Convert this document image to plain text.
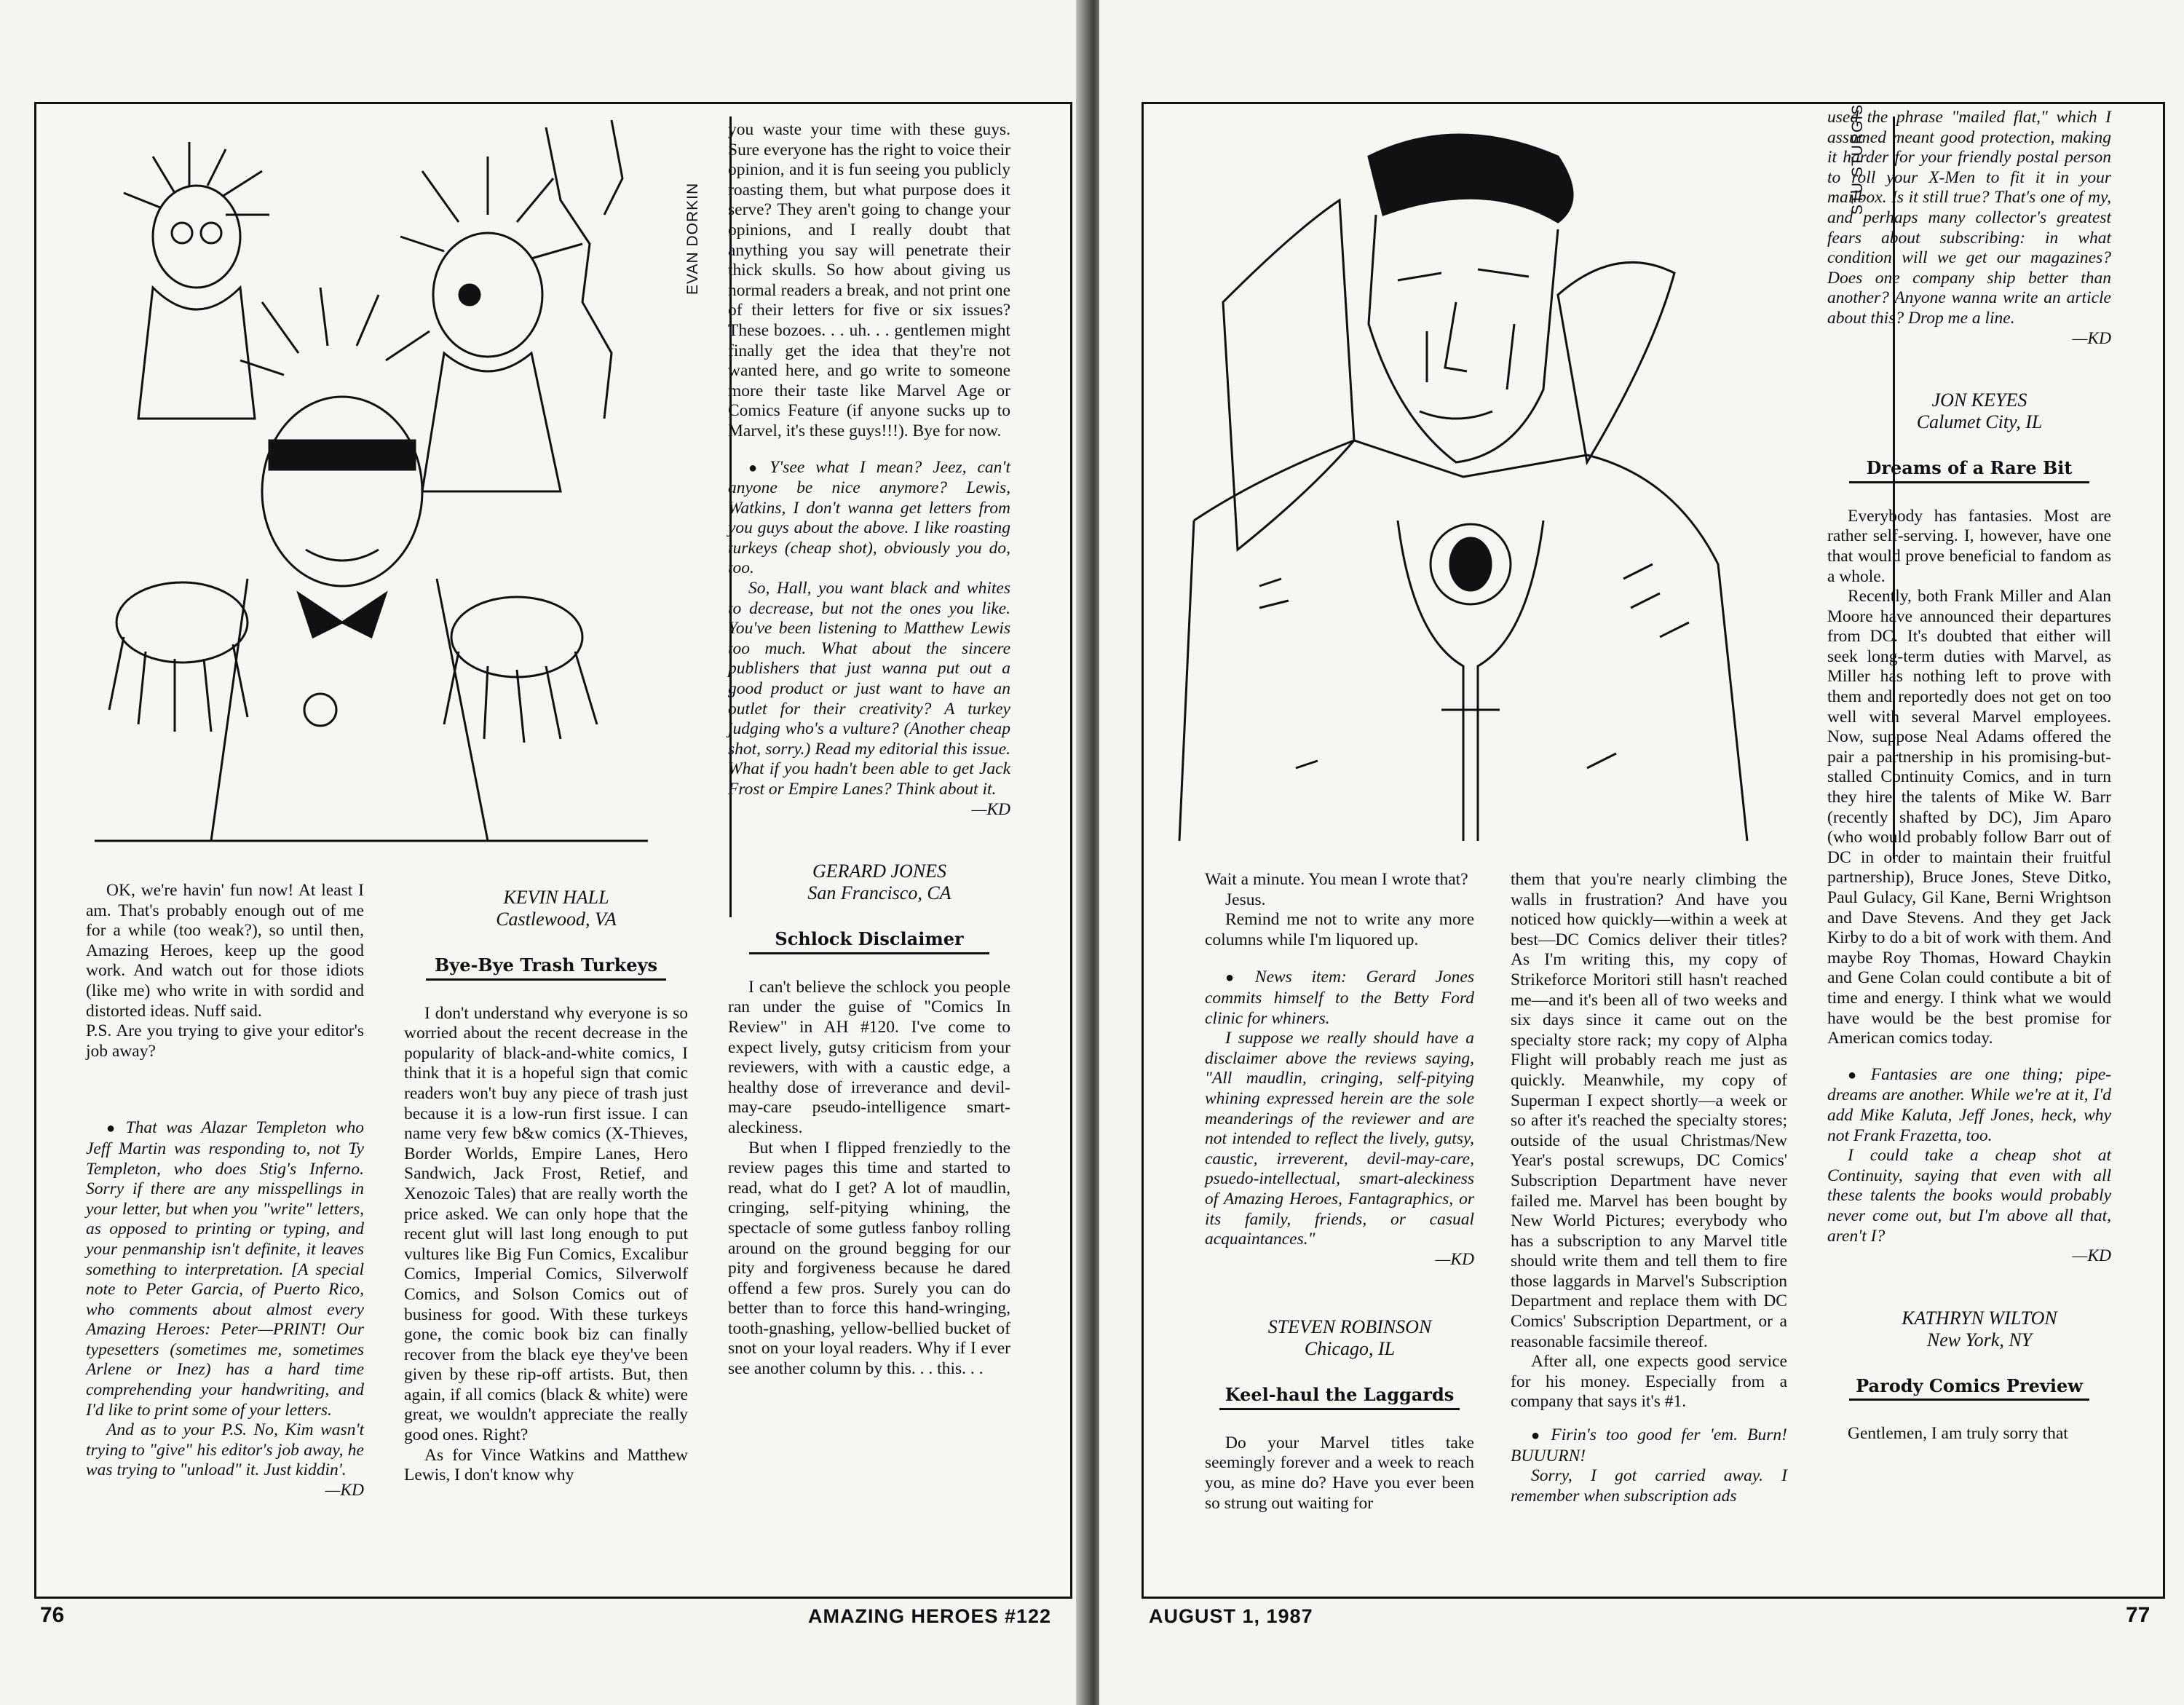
EVAN DORKIN

OK, we're havin' fun now! At least I am. That's probably enough out of me for a while (too weak?), so until then, Amazing Heroes, keep up the good work. And watch out for those idiots (like me) who write in with sordid and distorted ideas. Nuff said.

P.S. Are you trying to give your editor's job away?

● That was Alazar Templeton who Jeff Martin was responding to, not Ty Templeton, who does Stig's Inferno. Sorry if there are any misspellings in your letter, but when you "write" letters, as opposed to printing or typing, and your penmanship isn't definite, it leaves something to interpretation. [A special note to Peter Garcia, of Puerto Rico, who comments about almost every Amazing Heroes: Peter—PRINT! Our typesetters (sometimes me, sometimes Arlene or Inez) has a hard time comprehending your handwriting, and I'd like to print some of your letters.

And as to your P.S. No, Kim wasn't trying to "give" his editor's job away, he was trying to "unload" it. Just kiddin'.

—KD

KEVIN HALL

Castlewood, VA

Bye-Bye Trash Turkeys

I don't understand why everyone is so worried about the recent decrease in the popularity of black-and-white comics, I think that it is a hopeful sign that comic readers won't buy any piece of trash just because it is a low-run first issue. I can name very few b&w comics (X-Thieves, Border Worlds, Empire Lanes, Hero Sandwich, Jack Frost, Retief, and Xenozoic Tales) that are really worth the price asked. We can only hope that the recent glut will last long enough to put vultures like Big Fun Comics, Excalibur Comics, Imperial Comics, Silverwolf Comics, and Solson Comics out of business for good. With these turkeys gone, the comic book biz can finally recover from the black eye they've been given by these rip-off artists. But, then again, if all comics (black & white) were great, we wouldn't appreciate the really good ones. Right?

As for Vince Watkins and Matthew Lewis, I don't know why

you waste your time with these guys. Sure everyone has the right to voice their opinion, and it is fun seeing you publicly roasting them, but what purpose does it serve? They aren't going to change your opinions, and I really doubt that anything you say will penetrate their thick skulls. So how about giving us normal readers a break, and not print one of their letters for five or six issues? These bozoes. . . uh. . . gentlemen might finally get the idea that they're not wanted here, and go write to someone more their taste like Marvel Age or Comics Feature (if anyone sucks up to Marvel, it's these guys!!!). Bye for now.

● Y'see what I mean? Jeez, can't anyone be nice anymore? Lewis, Watkins, I don't wanna get letters from you guys about the above. I like roasting turkeys (cheap shot), obviously you do, too.

So, Hall, you want black and whites to decrease, but not the ones you like. You've been listening to Matthew Lewis too much. What about the sincere publishers that just wanna put out a good product or just want to have an outlet for their creativity? A turkey judging who's a vulture? (Another cheap shot, sorry.) Read my editorial this issue. What if you hadn't been able to get Jack Frost or Empire Lanes? Think about it.

—KD

GERARD JONES

San Francisco, CA

Schlock Disclaimer

I can't believe the schlock you people ran under the guise of "Comics In Review" in AH #120. I've come to expect lively, gutsy criticism from your reviewers, with with a caustic edge, a healthy dose of irreverance and devil-may-care pseudo-intelligence smart-aleckiness.

But when I flipped frenziedly to the review pages this time and started to read, what do I get? A lot of maudlin, cringing, self-pitying whining, the spectacle of some gutless fanboy rolling around on the ground begging for our pity and forgiveness because he dared offend a few pros. Surely you can do better than to force this hand-wringing, tooth-gnashing, yellow-bellied bucket of snot on your loyal readers. Why if I ever see another column by this. . . this. . .

76	AMAZING HEROES #122
STU STURGIS

Wait a minute. You mean I wrote that?

Jesus.

Remind me not to write any more columns while I'm liquored up.

● News item: Gerard Jones commits himself to the Betty Ford clinic for whiners.

I suppose we really should have a disclaimer above the reviews saying, "All maudlin, cringing, self-pitying whining expressed herein are the sole meanderings of the reviewer and are not intended to reflect the lively, gutsy, caustic, irreverent, devil-may-care, psuedo-intellectual, smart-aleckiness of Amazing Heroes, Fantagraphics, or its family, friends, or casual acquaintances."

—KD

STEVEN ROBINSON

Chicago, IL

Keel-haul the Laggards

Do your Marvel titles take seemingly forever and a week to reach you, as mine do? Have you ever been so strung out waiting for

them that you're nearly climbing the walls in frustration? And have you noticed how quickly—within a week at best—DC Comics deliver their titles? As I'm writing this, my copy of Strikeforce Moritori still hasn't reached me—and it's been all of two weeks and six days since it came out on the specialty store rack; my copy of Alpha Flight will probably reach me just as quickly. Meanwhile, my copy of Superman I expect shortly—a week or so after it's reached the specialty stores; outside of the usual Christmas/New Year's postal screwups, DC Comics' Subscription Department have never failed me. Marvel has been bought by New World Pictures; everybody who has a subscription to any Marvel title should write them and tell them to fire those laggards in Marvel's Subscription Department and replace them with DC Comics' Subscription Department, or a reasonable facsimile thereof.

After all, one expects good service for his money. Especially from a company that says it's #1.

● Firin's too good fer 'em. Burn! BUUURN!

Sorry, I got carried away. I remember when subscription ads

used the phrase "mailed flat," which I assumed meant good protection, making it harder for your friendly postal person to roll your X-Men to fit it in your mailbox. Is it still true? That's one of my, and perhaps many collector's greatest fears about subscribing: in what condition will we get our magazines? Does one company ship better than another? Anyone wanna write an article about this? Drop me a line.

—KD

JON KEYES

Calumet City, IL

Dreams of a Rare Bit

Everybody has fantasies. Most are rather self-serving. I, however, have one that would prove beneficial to fandom as a whole.

Recently, both Frank Miller and Alan Moore have announced their departures from DC. It's doubted that either will seek long-term duties with Marvel, as Miller has nothing left to prove with them and reportedly does not get on too well with several Marvel employees. Now, suppose Neal Adams offered the pair a partnership in his promising-but-stalled Continuity Comics, and in turn they hire the talents of Mike W. Barr (recently shafted by DC), Jim Aparo (who would probably follow Barr out of DC in order to maintain their fruitful partnership), Bruce Jones, Steve Ditko, Paul Gulacy, Gil Kane, Berni Wrightson and Dave Stevens. And they get Jack Kirby to do a bit of work with them. And maybe Roy Thomas, Howard Chaykin and Gene Colan could contibute a bit of time and energy. I think what we would have would be the best promise for American comics today.

● Fantasies are one thing; pipe-dreams are another. While we're at it, I'd add Mike Kaluta, Jeff Jones, heck, why not Frank Frazetta, too.

I could take a cheap shot at Continuity, saying that even with all these talents the books would probably never come out, but I'm above all that, aren't I?

—KD

KATHRYN WILTON

New York, NY

Parody Comics Preview

Gentlemen, I am truly sorry that

AUGUST 1, 1987	77
